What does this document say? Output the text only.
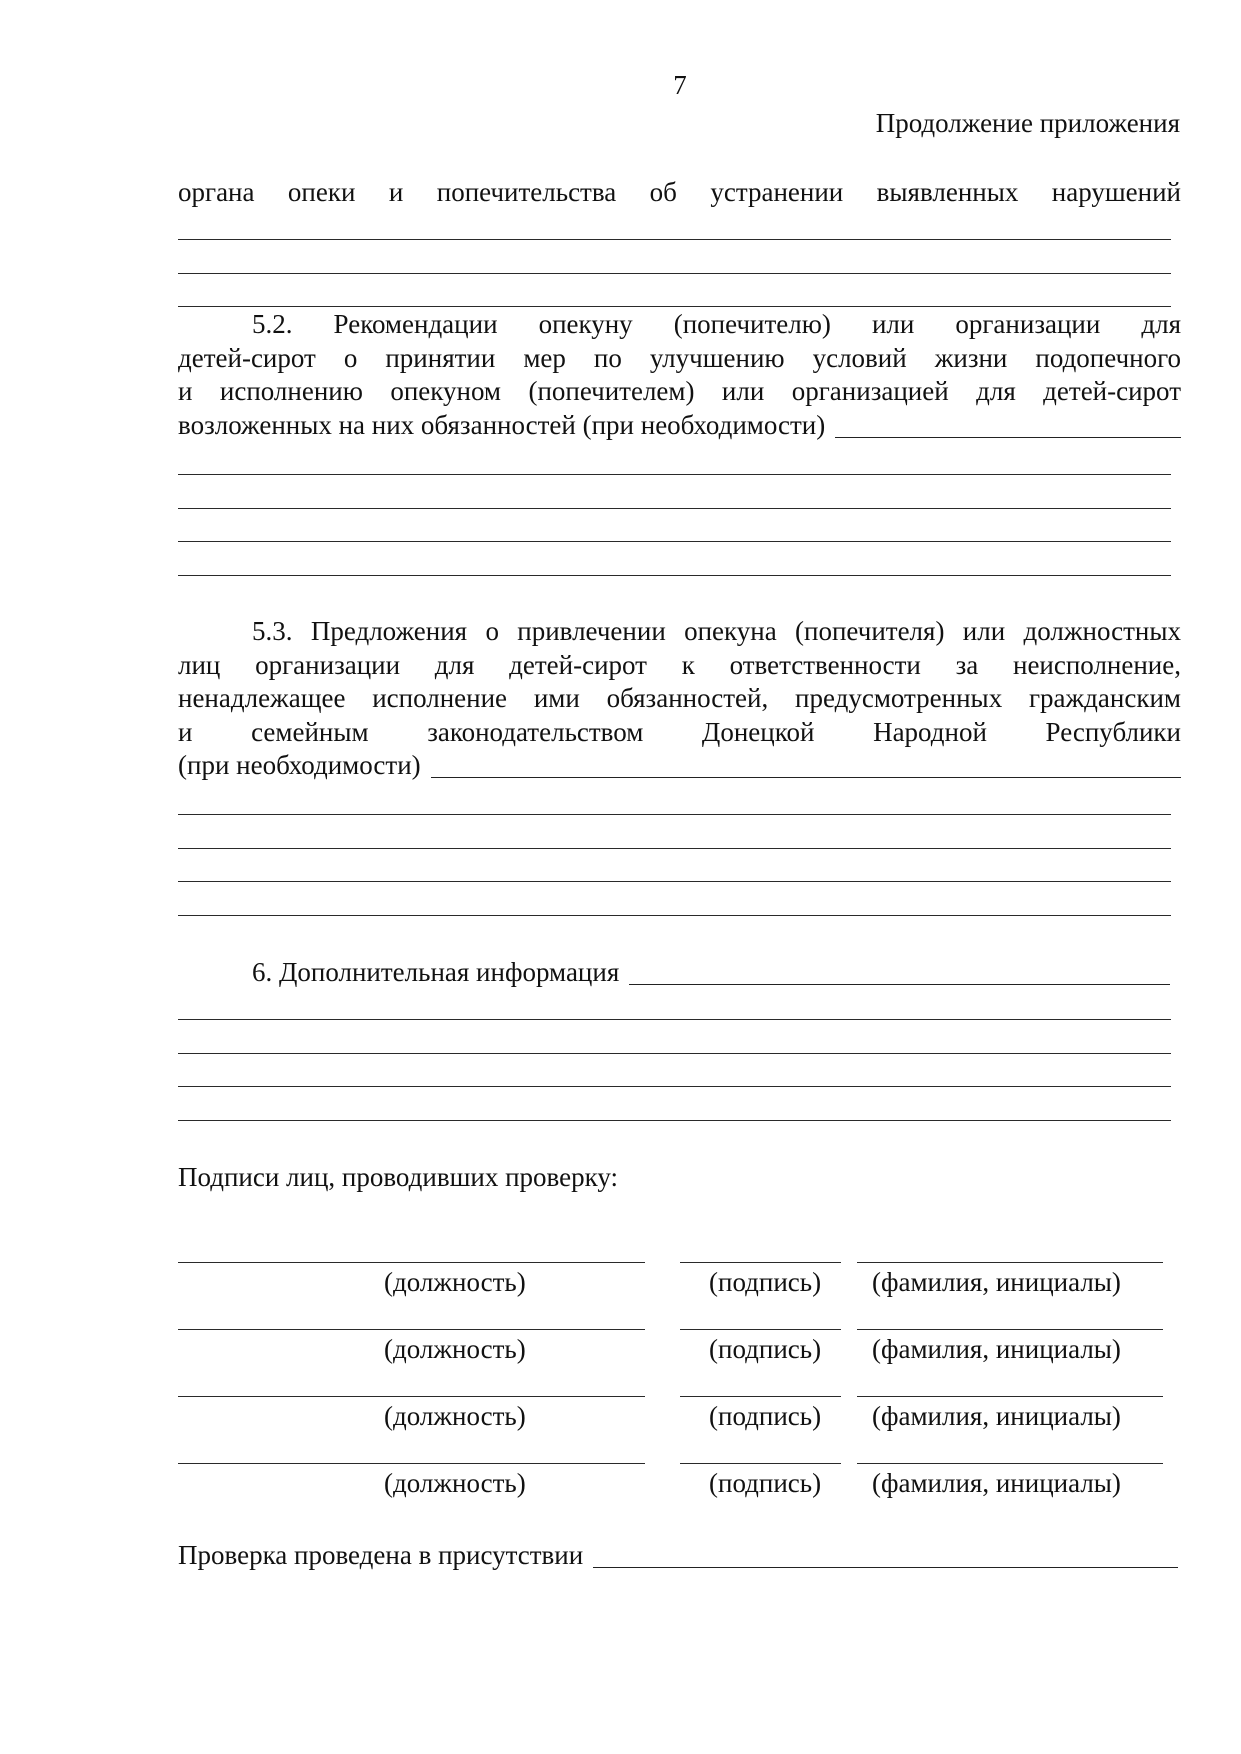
7
Продолжение приложения
органа опеки и попечительства об устранении выявленных нарушений
5.2. Рекомендации опекуну (попечителю) или организации для
детей-сирот о принятии мер по улучшению условий жизни подопечного
и исполнению опекуном (попечителем) или организацией для детей-сирот
возложенных на них обязанностей (при необходимости)
5.3. Предложения о привлечении опекуна (попечителя) или должностных
лиц организации для детей-сирот к ответственности за неисполнение,
ненадлежащее исполнение ими обязанностей, предусмотренных гражданским
и семейным законодательством Донецкой Народной Республики
(при необходимости)
6. Дополнительная информация
Подписи лиц, проводивших проверку:
(должность)	(подпись) (фамилия, инициалы)
(должность)	(подпись) (фамилия, инициалы)
(должность)	(подпись) (фамилия, инициалы)
(должность)	(подпись) (фамилия, инициалы)
Проверка проведена в присутствии
